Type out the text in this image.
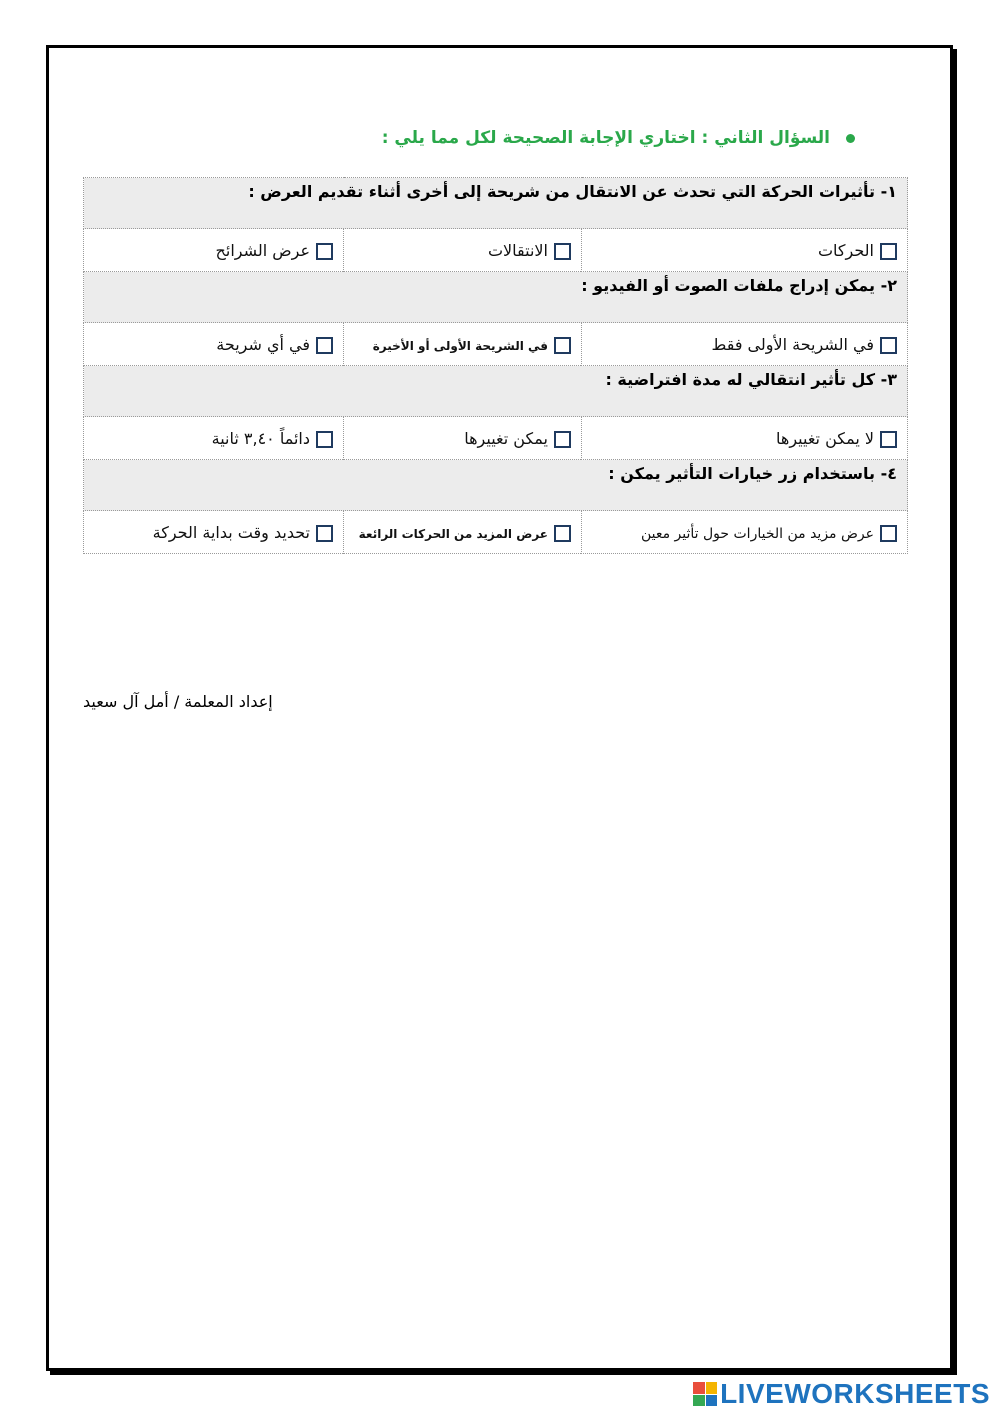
السؤال الثاني : اختاري الإجابة الصحيحة لكل مما يلي :
١- تأثيرات الحركة التي تحدث عن الانتقال من شريحة إلى أخرى أثناء تقديم العرض :		
الحركات	الانتقالات	عرض الشرائح
٢- يمكن إدراج ملفات الصوت أو الفيديو :		
في الشريحة الأولى فقط	في الشريحة الأولى أو الأخيرة	في أي شريحة
٣- كل تأثير انتقالي له مدة افتراضية :		
لا يمكن تغييرها	يمكن تغييرها	دائماً ٣,٤٠ ثانية
٤- باستخدام زر خيارات التأثير يمكن :		
عرض مزيد من الخيارات حول تأثير معين	عرض المزيد من الحركات الرائعة	تحديد وقت بداية الحركة
إعداد المعلمة / أمل آل سعيد
LIVEWORKSHEETS
